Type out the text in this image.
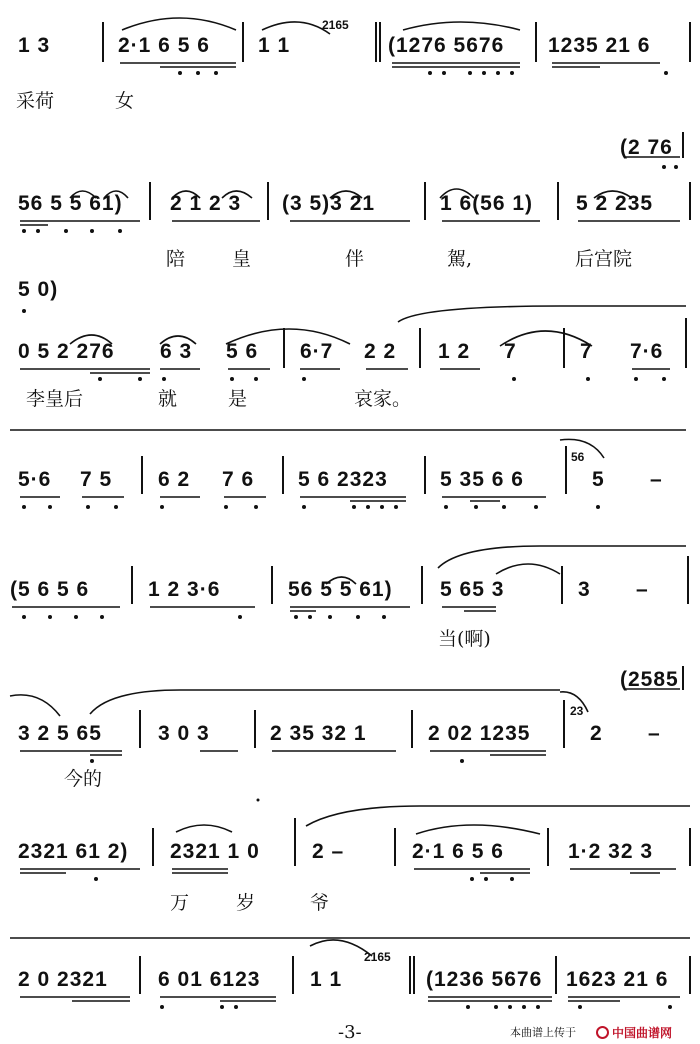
1 3	2·1 6 5 6 1 1
2165
(1276 5676 1235 21 6
采荷	女
(2 76
56 5 5 61) 2 1 2 3 (3 5)3 21	1 6(56 1) 5 2 235
陪 皇	伴	駕,	后宫院
5 0)
0 5 2 276 6 3 5 6 6·7 2 2 1 2 7	7 7·6
李皇后	就	是	哀家。
5·6 7 5 6 2 7 6 5 6 2323 5 35 6 6
56
5 –
(5 6 5 6	1 2 3·6	56 5 5 61) 5 65 3	3 –
当(啊)
(2585
3 2 5 65	3 0 3	2 35 32 1	2 02 1235
23
2 –
今的
2321 61 2) 2321 1 0 2 –	2·1 6 5 6	1·2 32 3
万 岁	爷
2 0 2321 6 01 6123 1 1
2165
(1236 5676 1623 21 6
-3-	本曲谱上传于	中国曲谱网
